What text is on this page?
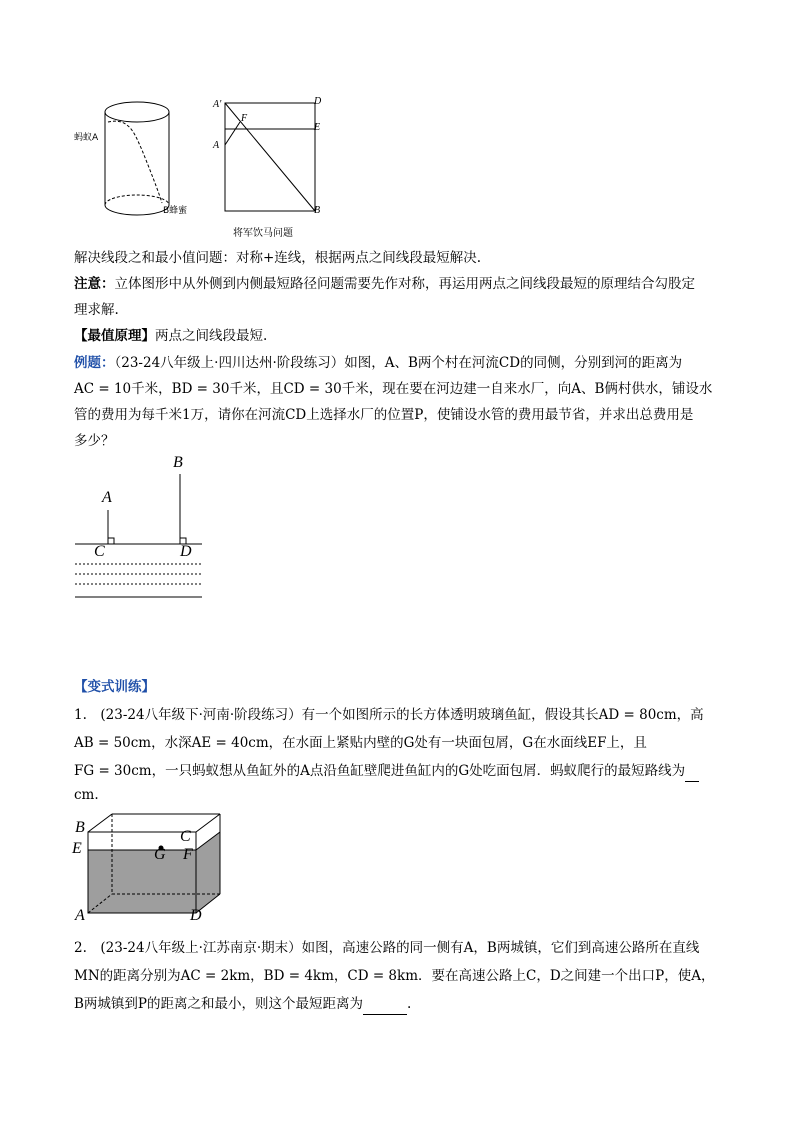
蚂蚁A
B蜂蜜
A'
A
F
D
E
B
将军饮马问题
解决线段之和最小值问题：对称+连线，根据两点之间线段最短解决.
注意：立体图形中从外侧到内侧最短路径问题需要先作对称，再运用两点之间线段最短的原理结合勾股定
理求解.
【最值原理】两点之间线段最短.
例题：（23-24八年级上·四川达州·阶段练习）如图，A、B两个村在河流CD的同侧，分别到河的距离为
AC = 10千米，BD = 30千米，且CD = 30千米，现在要在河边建一自来水厂，向A、B俩村供水，铺设水
管的费用为每千米1万，请你在河流CD上选择水厂的位置P，使铺设水管的费用最节省，并求出总费用是
多少？
B
A
C	D
【变式训练】
1.　(23-24八年级下·河南·阶段练习）有一个如图所示的长方体透明玻璃鱼缸，假设其长AD = 80cm，高
AB = 50cm，水深AE = 40cm，在水面上紧贴内壁的G处有一块面包屑，G在水面线EF上，且
FG = 30cm，一只蚂蚁想从鱼缸外的A点沿鱼缸壁爬进鱼缸内的G处吃面包屑．蚂蚁爬行的最短路线为
cm.
B
C
E	G F
A	D
2.　(23-24八年级上·江苏南京·期末）如图，高速公路的同一侧有A，B两城镇，它们到高速公路所在直线
MN的距离分别为AC = 2km，BD = 4km，CD = 8km．要在高速公路上C，D之间建一个出口P，使A，
B两城镇到P的距离之和最小，则这个最短距离为	.
